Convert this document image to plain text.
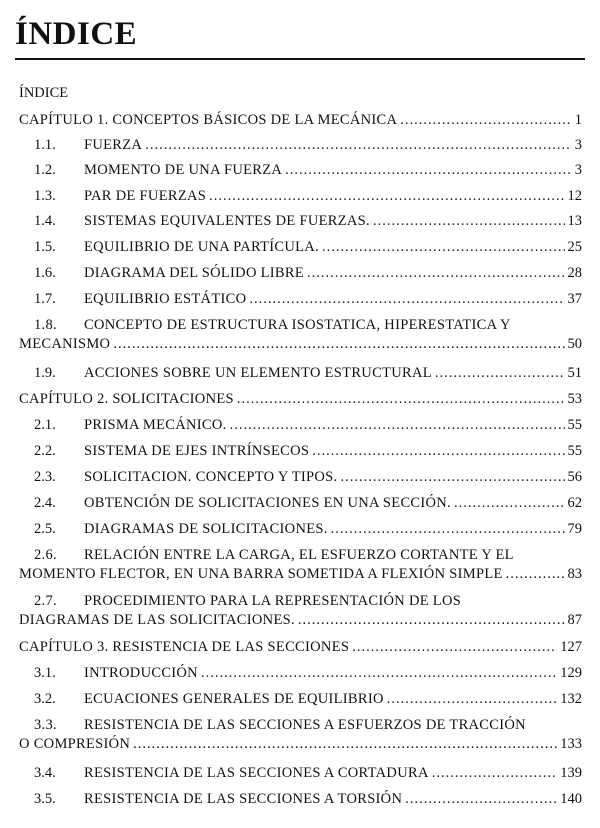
ÍNDICE
ÍNDICE
CAPÍTULO 1. CONCEPTOS BÁSICOS DE LA MECÁNICA .....	1
1.1.	FUERZA .....	3
1.2.	MOMENTO DE UNA FUERZA .....	3
1.3.	PAR DE FUERZAS .....	12
1.4.	SISTEMAS EQUIVALENTES DE FUERZAS. .....	13
1.5.	EQUILIBRIO DE UNA PARTÍCULA. .....	25
1.6.	DIAGRAMA DEL SÓLIDO LIBRE .....	28
1.7.	EQUILIBRIO ESTÁTICO .....	37
1.8. CONCEPTO DE ESTRUCTURA ISOSTATICA, HIPERESTATICA Y
MECANISMO .....	50
1.9.	ACCIONES SOBRE UN ELEMENTO ESTRUCTURAL .....	51
CAPÍTULO 2. SOLICITACIONES .....	53
2.1.	PRISMA MECÁNICO. .....	55
2.2.	SISTEMA DE EJES INTRÍNSECOS .....	55
2.3.	SOLICITACION. CONCEPTO Y TIPOS. .....	56
2.4.	OBTENCIÓN DE SOLICITACIONES EN UNA SECCIÓN. .....	62
2.5.	DIAGRAMAS DE SOLICITACIONES. .....	79
2.6. RELACIÓN ENTRE LA CARGA, EL ESFUERZO CORTANTE Y EL
MOMENTO FLECTOR, EN UNA BARRA SOMETIDA A FLEXIÓN SIMPLE .....	83
2.7. PROCEDIMIENTO PARA LA REPRESENTACIÓN DE LOS
DIAGRAMAS DE LAS SOLICITACIONES. .....	87
CAPÍTULO 3. RESISTENCIA DE LAS SECCIONES .....	127
3.1.	INTRODUCCIÓN .....	129
3.2.	ECUACIONES GENERALES DE EQUILIBRIO .....	132
3.3. RESISTENCIA DE LAS SECCIONES A ESFUERZOS DE TRACCIÓN
O COMPRESIÓN .....	133
3.4.	RESISTENCIA DE LAS SECCIONES A CORTADURA .....	139
3.5.	RESISTENCIA DE LAS SECCIONES A TORSIÓN .....	140
